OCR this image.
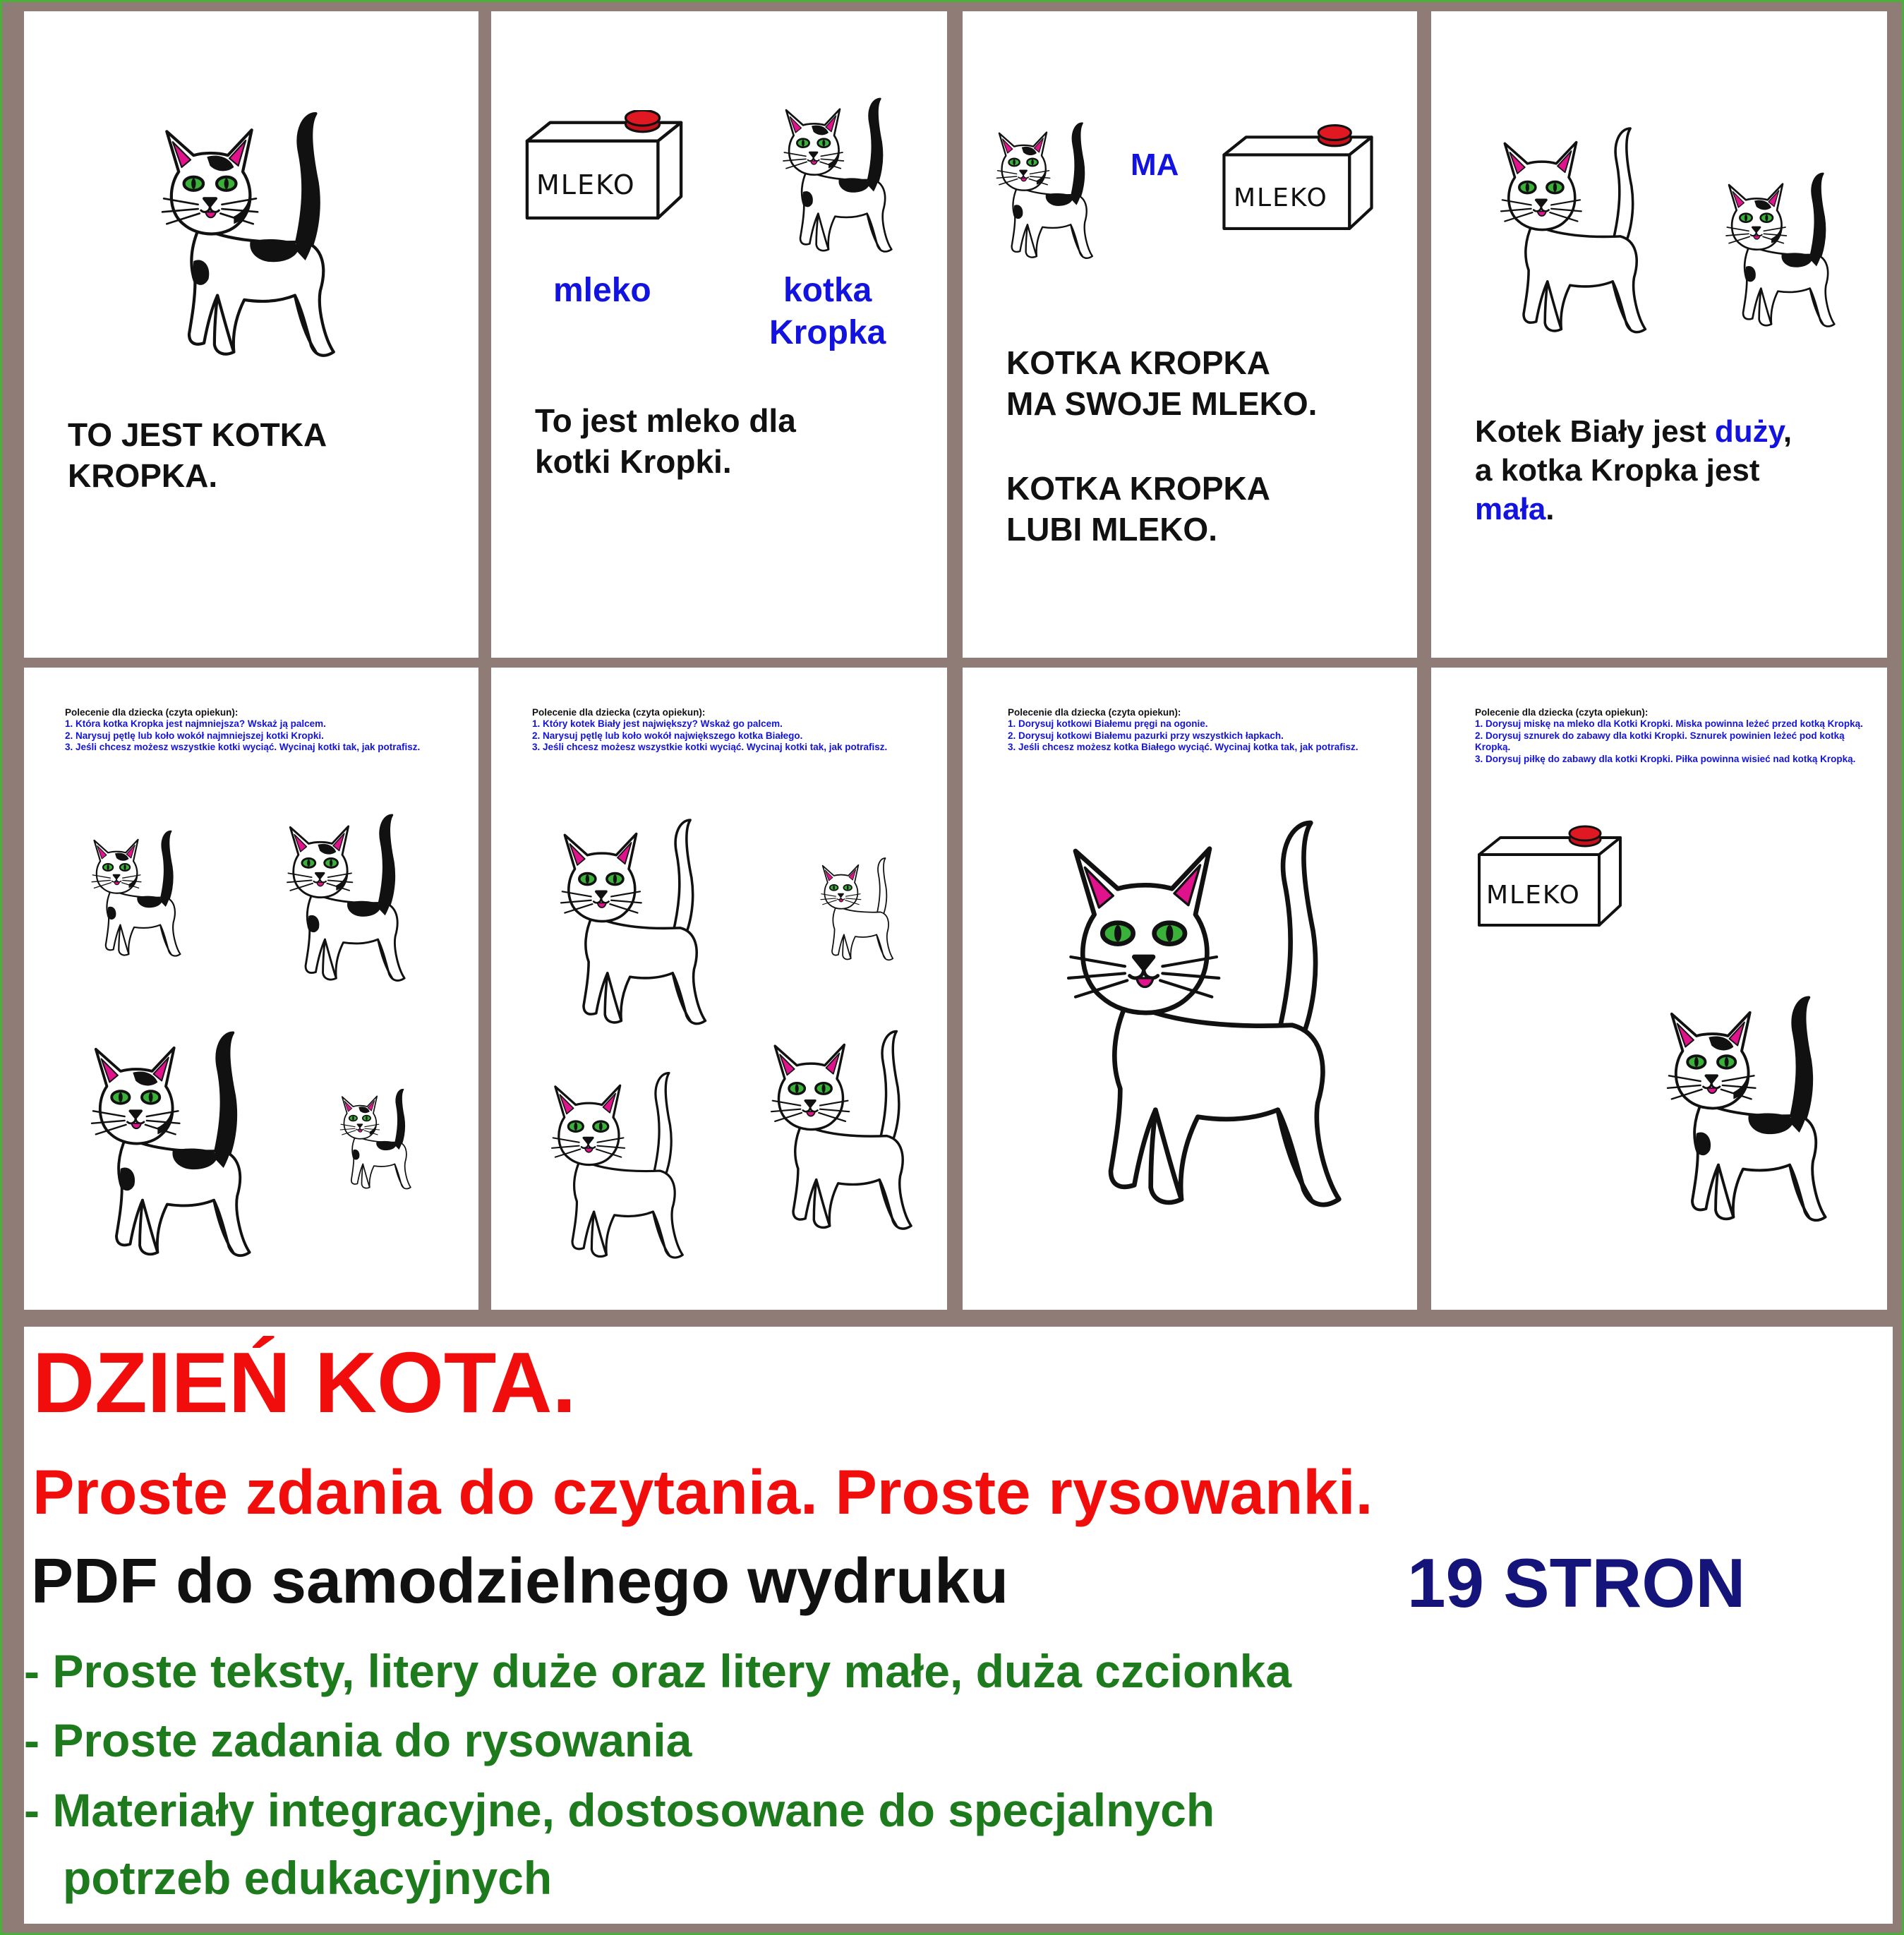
TO JEST KOTKA
KROPKA.
MLEKO
mleko	kotka
Kropka
To jest mleko dla
kotki Kropki.
MA
MLEKO
KOTKA KROPKA
MA SWOJE MLEKO.
KOTKA KROPKA
LUBI MLEKO.
Kotek Biały jest duży,
a kotka Kropka jest
mała.
Polecenie dla dziecka (czyta opiekun):
1. Która kotka Kropka jest najmniejsza? Wskaż ją palcem.
2. Narysuj pętlę lub koło wokół najmniejszej kotki Kropki.
3. Jeśli chcesz możesz wszystkie kotki wyciąć. Wycinaj kotki tak, jak potrafisz.
Polecenie dla dziecka (czyta opiekun):
1. Który kotek Biały jest największy? Wskaż go palcem.
2. Narysuj pętlę lub koło wokół największego kotka Białego.
3. Jeśli chcesz możesz wszystkie kotki wyciąć. Wycinaj kotki tak, jak potrafisz.
Polecenie dla dziecka (czyta opiekun):
1. Dorysuj kotkowi Białemu pręgi na ogonie.
2. Dorysuj kotkowi Białemu pazurki przy wszystkich łapkach.
3. Jeśli chcesz możesz kotka Białego wyciąć. Wycinaj kotka tak, jak potrafisz.
Polecenie dla dziecka (czyta opiekun):
1. Dorysuj miskę na mleko dla Kotki Kropki. Miska powinna leżeć przed kotką Kropką.
2. Dorysuj sznurek do zabawy dla kotki Kropki. Sznurek powinien leżeć pod kotką Kropką.
3. Dorysuj piłkę do zabawy dla kotki Kropki. Piłka powinna wisieć nad kotką Kropką.
MLEKO
DZIEŃ KOTA.
Proste zdania do czytania. Proste rysowanki.
PDF do samodzielnego wydruku	19 STRON
- Proste teksty, litery duże oraz litery małe, duża czcionka
- Proste zadania do rysowania
- Materiały integracyjne, dostosowane do specjalnych
potrzeb edukacyjnych
